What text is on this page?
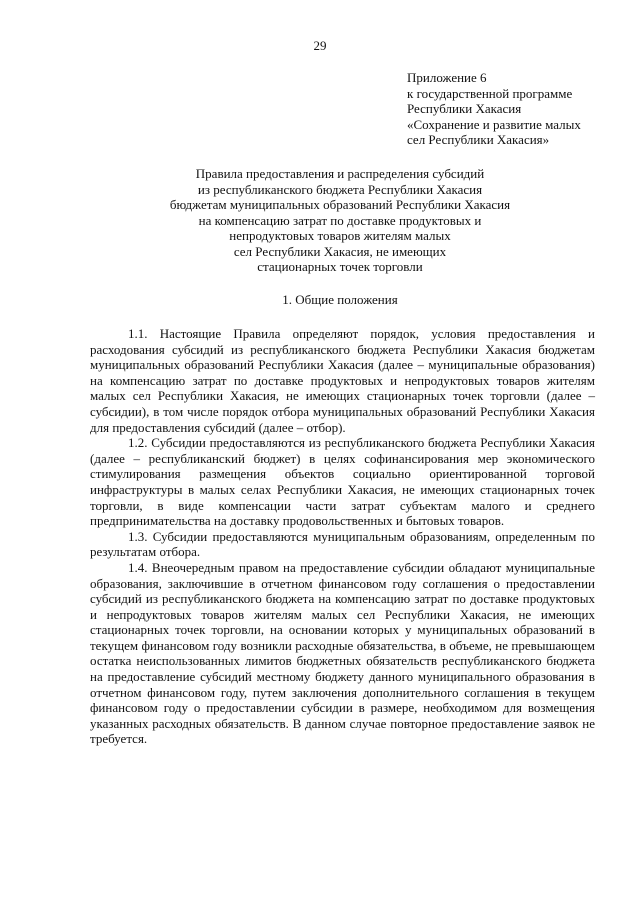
29
Приложение 6
к государственной программе
Республики Хакасия
«Сохранение и развитие малых
сел Республики Хакасия»
Правила предоставления и распределения субсидий
из республиканского бюджета Республики Хакасия
бюджетам муниципальных образований Республики Хакасия
на компенсацию затрат по доставке продуктовых и
непродуктовых товаров жителям малых
сел Республики Хакасия, не имеющих
стационарных точек торговли
1. Общие положения

1.1. Настоящие Правила определяют порядок, условия предоставления и расходования субсидий из республиканского бюджета Республики Хакасия бюджетам муниципальных образований Республики Хакасия (далее – муниципальные образования) на компенсацию затрат по доставке продуктовых и непродуктовых товаров жителям малых сел Республики Хакасия, не имеющих стационарных точек торговли (далее – субсидии), в том числе порядок отбора муниципальных образований Республики Хакасия для предоставления субсидий (далее – отбор).

1.2. Субсидии предоставляются из республиканского бюджета Республики Хакасия (далее – республиканский бюджет) в целях софинансирования мер экономического стимулирования размещения объектов социально ориентированной торговой инфраструктуры в малых селах Республики Хакасия, не имеющих стационарных точек торговли, в виде компенсации части затрат субъектам малого и среднего предпринимательства на доставку продовольственных и бытовых товаров.

1.3. Субсидии предоставляются муниципальным образованиям, определенным по результатам отбора.

1.4. Внеочередным правом на предоставление субсидии обладают муниципальные образования, заключившие в отчетном финансовом году соглашения о предоставлении субсидий из республиканского бюджета на компенсацию затрат по доставке продуктовых и непродуктовых товаров жителям малых сел Республики Хакасия, не имеющих стационарных точек торговли, на основании которых у муниципальных образований в текущем финансовом году возникли расходные обязательства, в объеме, не превышающем остатка неиспользованных лимитов бюджетных обязательств республиканского бюджета на предоставление субсидий местному бюджету данного муниципального образования в отчетном финансовом году, путем заключения дополнительного соглашения в текущем финансовом году о предоставлении субсидии в размере, необходимом для возмещения указанных расходных обязательств. В данном случае повторное предоставление заявок не требуется.
